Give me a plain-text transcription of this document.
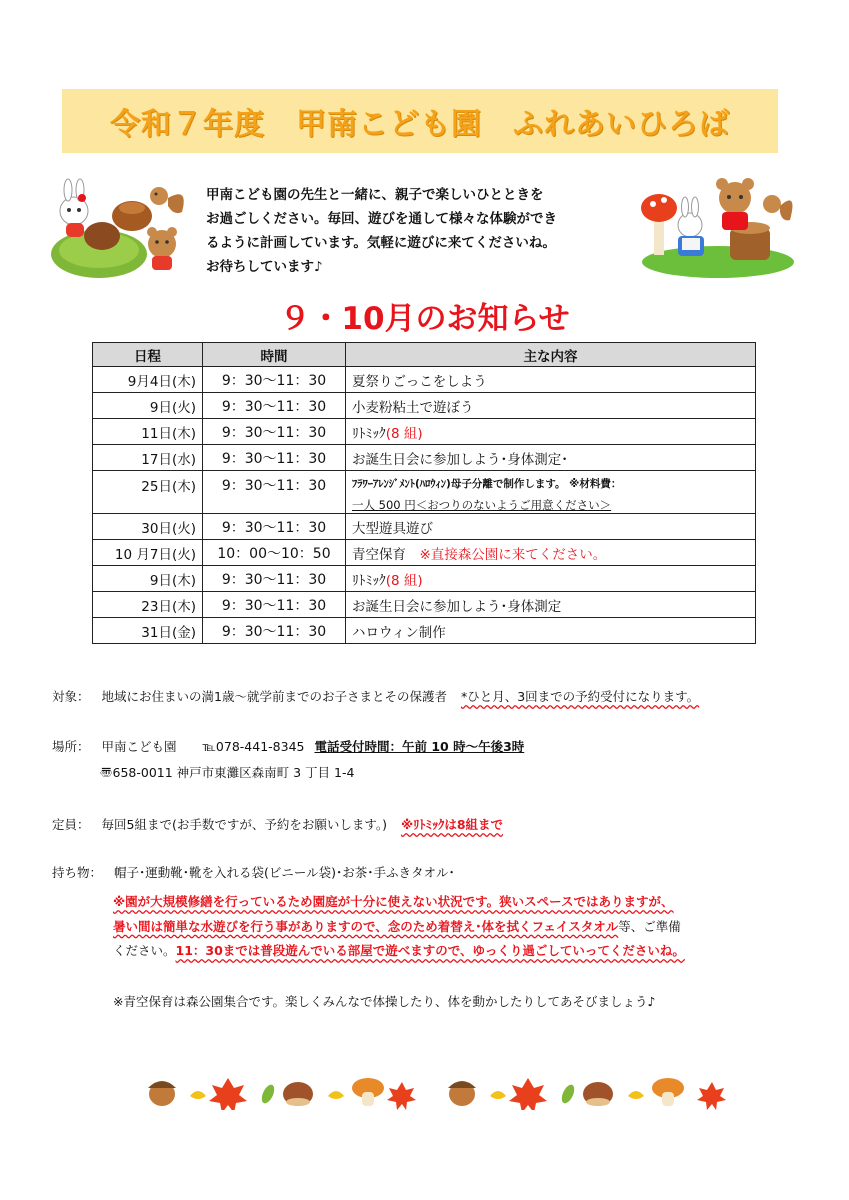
令和７年度　甲南こども園　ふれあいひろば
甲南こども園の先生と一緒に、親子で楽しいひとときを
お過ごしください。毎回、遊びを通して様々な体験ができ
るように計画しています。気軽に遊びに来てくださいね。
お待ちしています♪
９・10月のお知らせ
日程	時間	主な内容
9月4日(木)	9：30～11：30	夏祭りごっこをしよう
9日(火)	9：30～11：30	小麦粉粘土で遊ぼう
11日(木)	9：30～11：30	ﾘﾄﾐｯｸ(8 組)
17日(水)	9：30～11：30	お誕生日会に参加しよう･身体測定･
25日(木)	9：30～11：30	ﾌﾗﾜｰｱﾚﾝｼﾞﾒﾝﾄ(ﾊﾛｳｨﾝ)母子分離で制作します。 ※材料費：
一人 500 円＜おつりのないようご用意ください＞

30日(火)	9：30～11：30	大型遊具遊び
10 月7日(火)	10：00～10：50	青空保育　 ※直接森公園に来てください。
9日(木)	9：30～11：30	ﾘﾄﾐｯｸ(8 組)
23日(木)	9：30～11：30	お誕生日会に参加しよう･身体測定
31日(金)	9：30～11：30	ハロウィン制作
対象： 地域にお住まいの満1歳～就学前までのお子さまとその保護者 *ひと月、3回までの予約受付になります。
場所： 甲南こども園 ℡078-441-8345 電話受付時間：午前 10 時～午後3時
〠658-0011 神戸市東灘区森南町 3 丁目 1-4
定員： 毎回5組まで(お手数ですが、予約をお願いします。) ※ﾘﾄﾐｯｸは8組まで
持ち物： 帽子･運動靴･靴を入れる袋(ビニール袋)･お茶･手ふきタオル･
※園が大規模修繕を行っているため園庭が十分に使えない状況です。狭いスペースではありますが、
暑い間は簡単な水遊びを行う事がありますので、念のため着替え･体を拭くフェイスタオル等、ご準備
ください。11：30までは普段遊んでいる部屋で遊べますので、ゆっくり過ごしていってくださいね。
※青空保育は森公園集合です。楽しくみんなで体操したり、体を動かしたりしてあそびましょう♪
